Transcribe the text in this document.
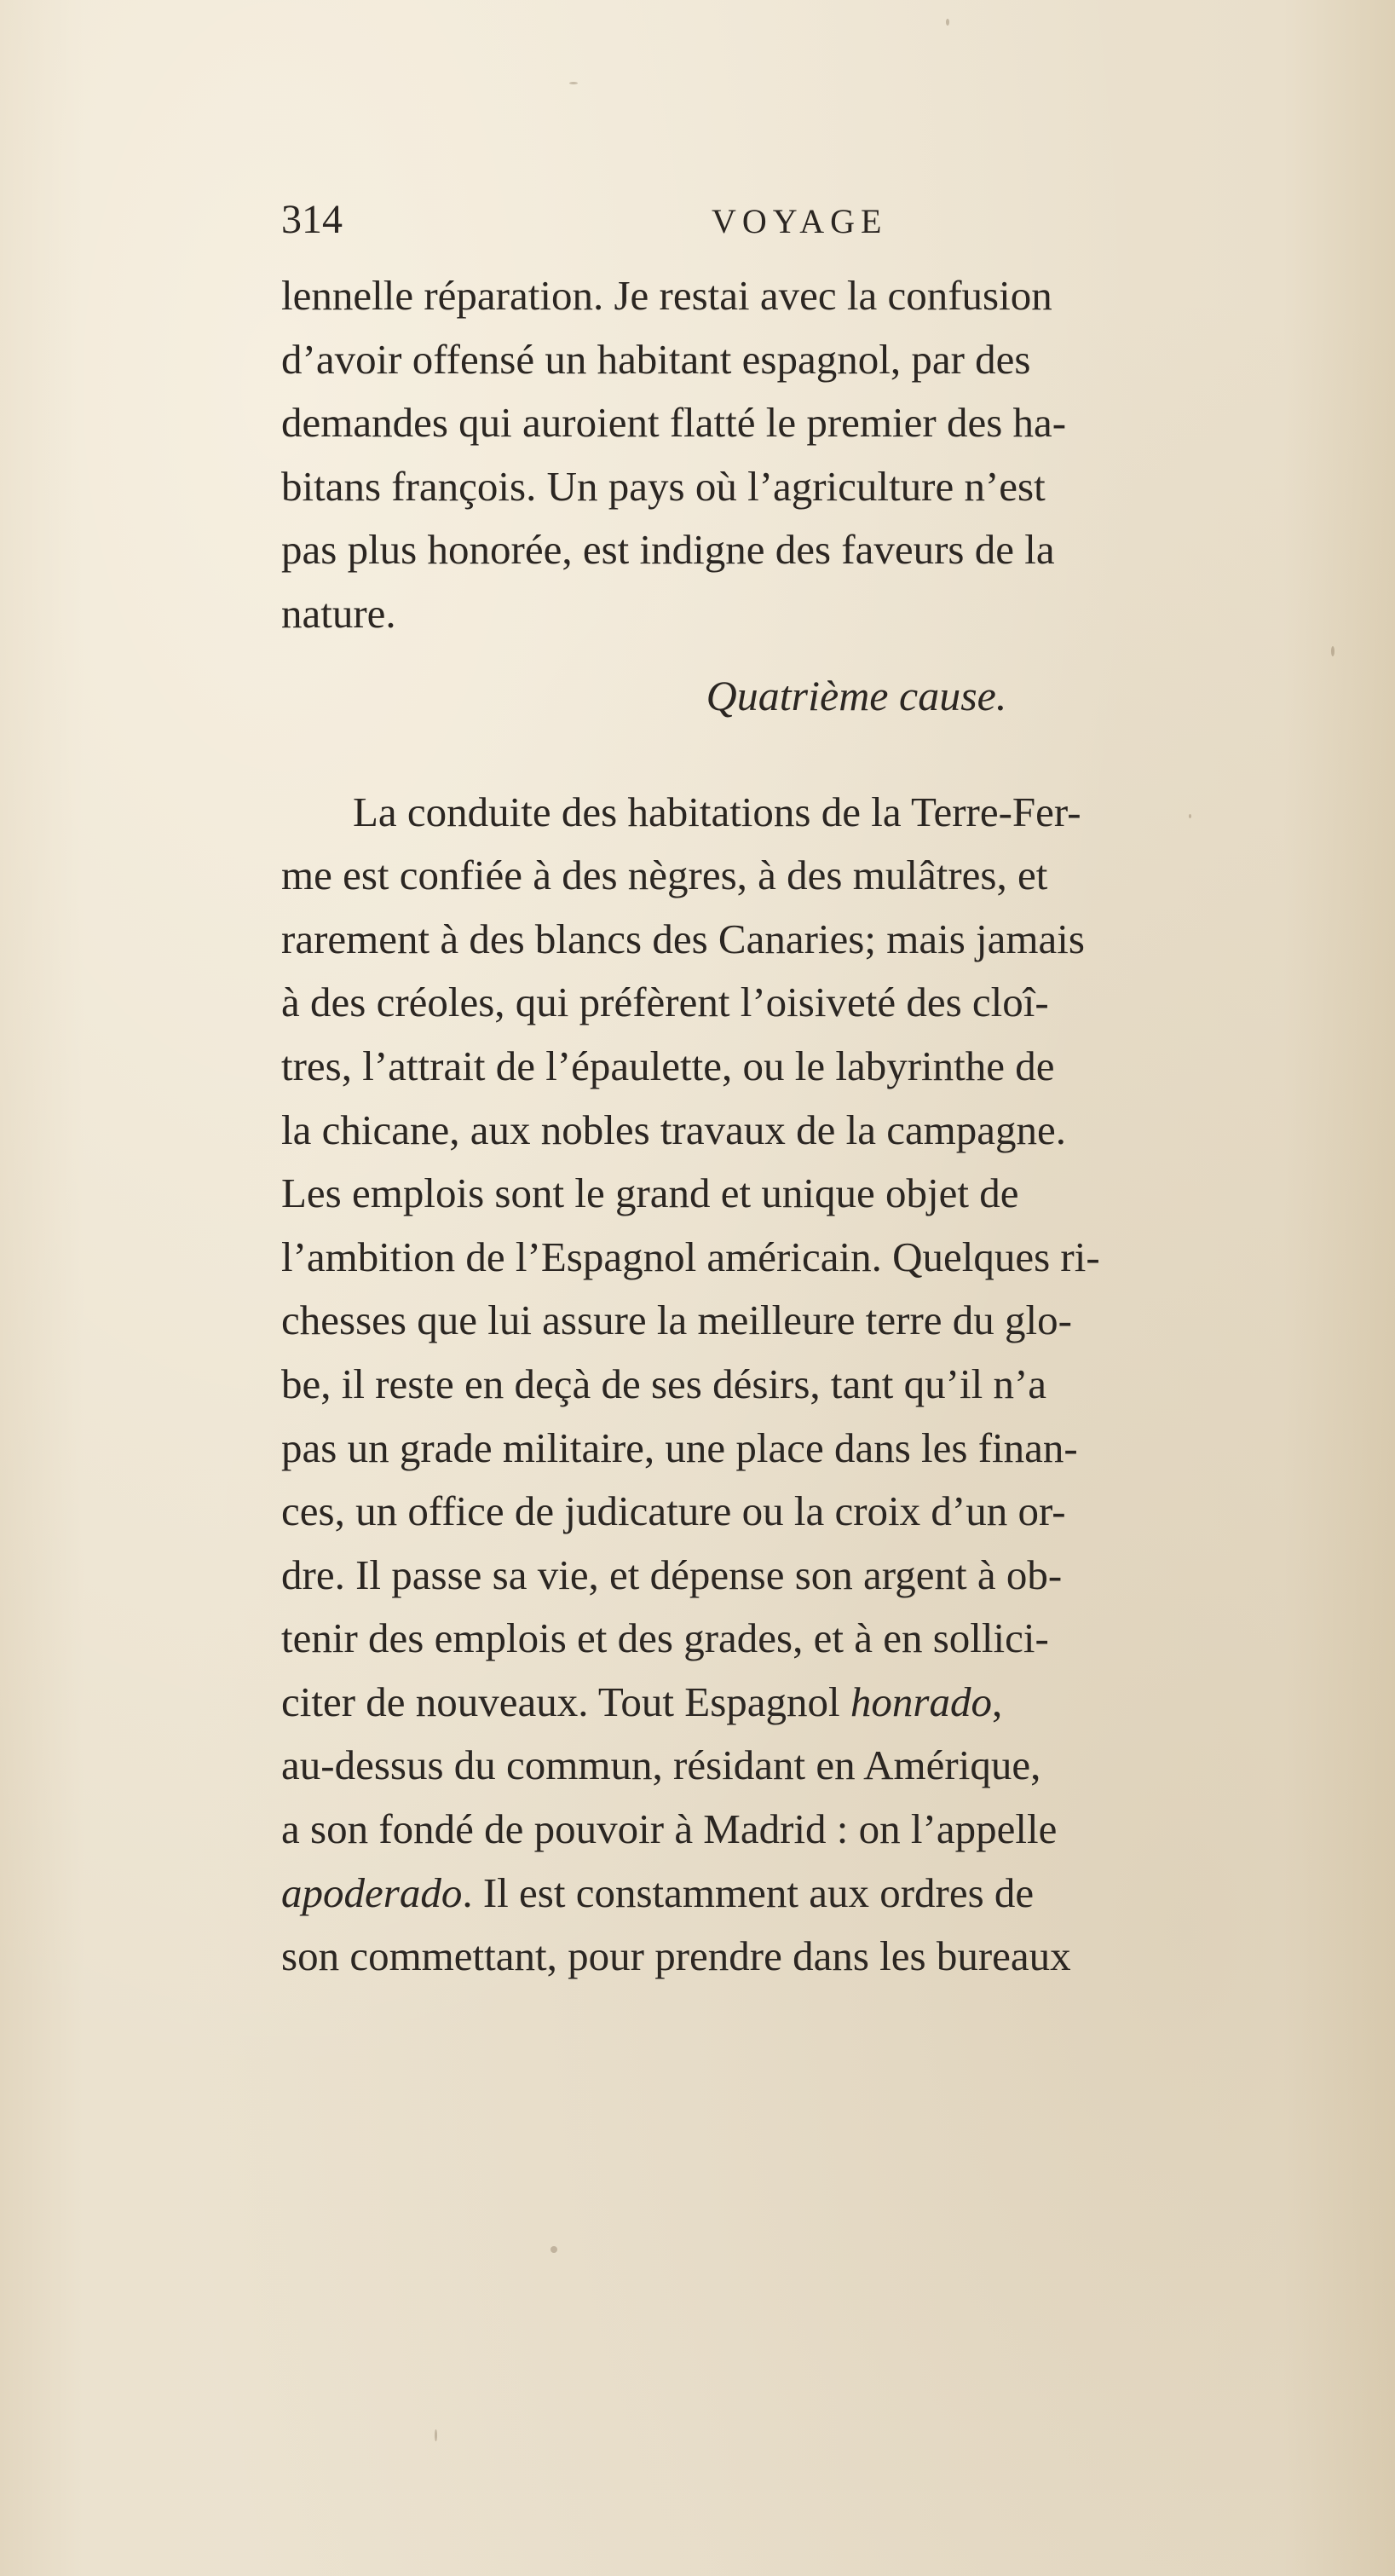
314	VOYAGE
lennelle réparation. Je restai avec la confusion
d’avoir offensé un habitant espagnol, par des
demandes qui auroient flatté le premier des ha-
bitans françois. Un pays où l’agriculture n’est
pas plus honorée, est indigne des faveurs de la
nature.
Quatrième cause.
La conduite des habitations de la Terre-Fer-
me est confiée à des nègres, à des mulâtres, et
rarement à des blancs des Canaries; mais jamais
à des créoles, qui préfèrent l’oisiveté des cloî-
tres, l’attrait de l’épaulette, ou le labyrinthe de
la chicane, aux nobles travaux de la campagne.
Les emplois sont le grand et unique objet de
l’ambition de l’Espagnol américain. Quelques ri-
chesses que lui assure la meilleure terre du glo-
be, il reste en deçà de ses désirs, tant qu’il n’a
pas un grade militaire, une place dans les finan-
ces, un office de judicature ou la croix d’un or-
dre. Il passe sa vie, et dépense son argent à ob-
tenir des emplois et des grades, et à en sollici-
citer de nouveaux. Tout Espagnol honrado,
au-dessus du commun, résidant en Amérique,
a son fondé de pouvoir à Madrid : on l’appelle
apoderado. Il est constamment aux ordres de
son commettant, pour prendre dans les bureaux
